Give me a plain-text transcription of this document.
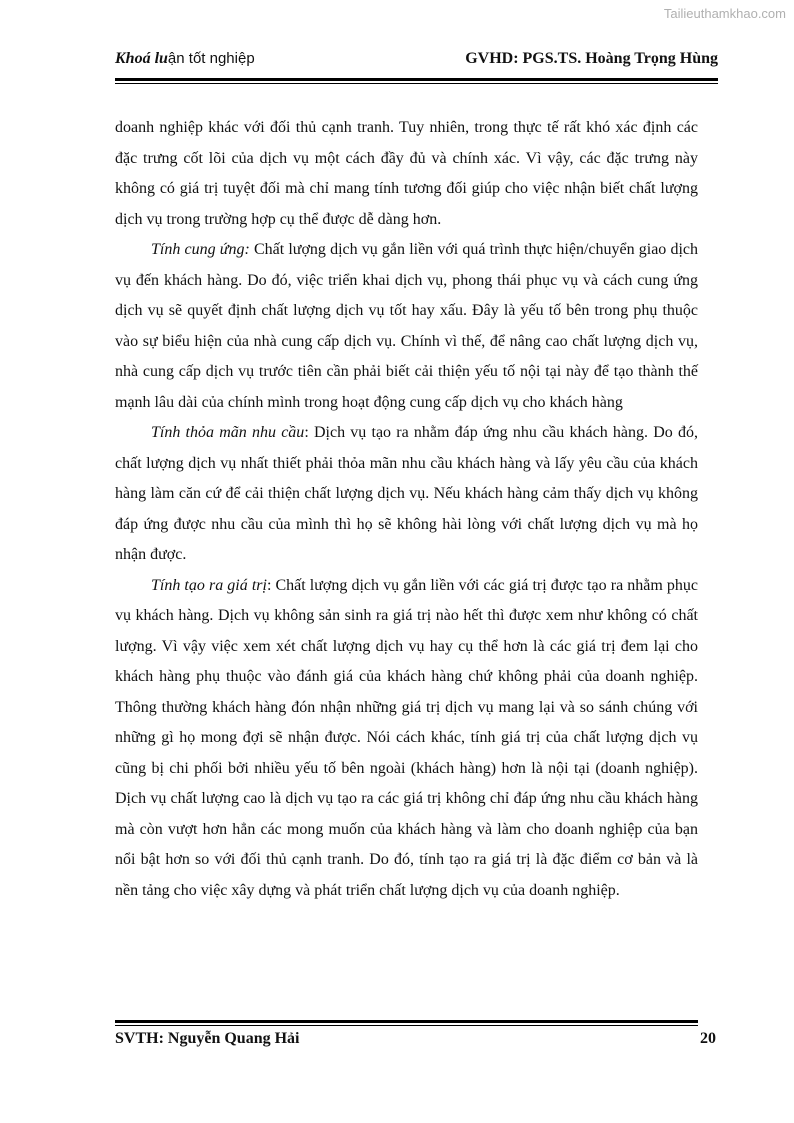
Tailieuthamkhao.com
Khoá luận tốt nghiệp	GVHD: PGS.TS. Hoàng Trọng Hùng

doanh nghiệp khác với đối thủ cạnh tranh. Tuy nhiên, trong thực tế rất khó xác định các đặc trưng cốt lõi của dịch vụ một cách đầy đủ và chính xác. Vì vậy, các đặc trưng này không có giá trị tuyệt đối mà chỉ mang tính tương đối giúp cho việc nhận biết chất lượng dịch vụ trong trường hợp cụ thể được dễ dàng hơn.

Tính cung ứng: Chất lượng dịch vụ gắn liền với quá trình thực hiện/chuyển giao dịch vụ đến khách hàng. Do đó, việc triển khai dịch vụ, phong thái phục vụ và cách cung ứng dịch vụ sẽ quyết định chất lượng dịch vụ tốt hay xấu. Đây là yếu tố bên trong phụ thuộc vào sự biểu hiện của nhà cung cấp dịch vụ. Chính vì thế, để nâng cao chất lượng dịch vụ, nhà cung cấp dịch vụ trước tiên cần phải biết cải thiện yếu tố nội tại này để tạo thành thế mạnh lâu dài của chính mình trong hoạt động cung cấp dịch vụ cho khách hàng

Tính thỏa mãn nhu cầu: Dịch vụ tạo ra nhằm đáp ứng nhu cầu khách hàng. Do đó, chất lượng dịch vụ nhất thiết phải thỏa mãn nhu cầu khách hàng và lấy yêu cầu của khách hàng làm căn cứ để cải thiện chất lượng dịch vụ. Nếu khách hàng cảm thấy dịch vụ không đáp ứng được nhu cầu của mình thì họ sẽ không hài lòng với chất lượng dịch vụ mà họ nhận được.

Tính tạo ra giá trị: Chất lượng dịch vụ gắn liền với các giá trị được tạo ra nhằm phục vụ khách hàng. Dịch vụ không sản sinh ra giá trị nào hết thì được xem như không có chất lượng. Vì vậy việc xem xét chất lượng dịch vụ hay cụ thể hơn là các giá trị đem lại cho khách hàng phụ thuộc vào đánh giá của khách hàng chứ không phải của doanh nghiệp. Thông thường khách hàng đón nhận những giá trị dịch vụ mang lại và so sánh chúng với những gì họ mong đợi sẽ nhận được. Nói cách khác, tính giá trị của chất lượng dịch vụ cũng bị chi phối bởi nhiều yếu tố bên ngoài (khách hàng) hơn là nội tại (doanh nghiệp). Dịch vụ chất lượng cao là dịch vụ tạo ra các giá trị không chỉ đáp ứng nhu cầu khách hàng mà còn vượt hơn hẳn các mong muốn của khách hàng và làm cho doanh nghiệp của bạn nổi bật hơn so với đối thủ cạnh tranh. Do đó, tính tạo ra giá trị là đặc điểm cơ bản và là nền tảng cho việc xây dựng và phát triển chất lượng dịch vụ của doanh nghiệp.

SVTH: Nguyễn Quang Hải	20
